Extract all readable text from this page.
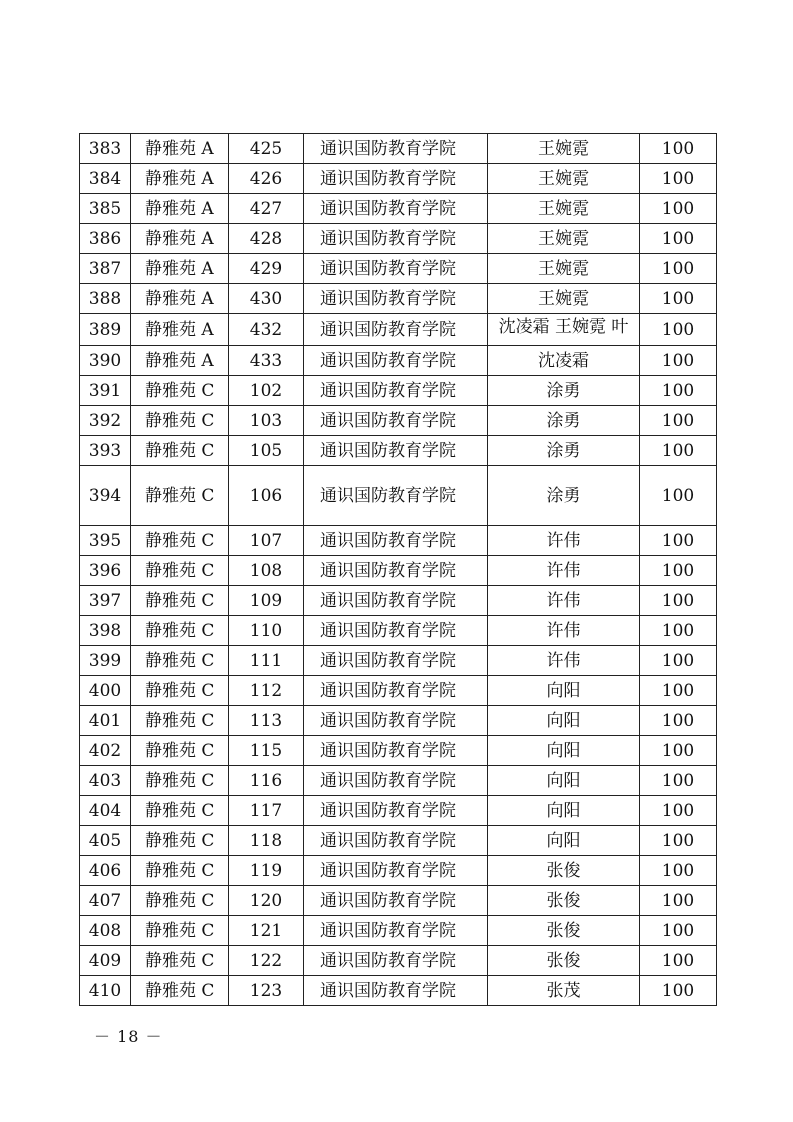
383	静雅苑 A	425	通识国防教育学院	王婉霓	100
384	静雅苑 A	426	通识国防教育学院	王婉霓	100
385	静雅苑 A	427	通识国防教育学院	王婉霓	100
386	静雅苑 A	428	通识国防教育学院	王婉霓	100
387	静雅苑 A	429	通识国防教育学院	王婉霓	100
388	静雅苑 A	430	通识国防教育学院	王婉霓	100
389	静雅苑 A	432	通识国防教育学院	沈凌霜 王婉霓 叶	100
390	静雅苑 A	433	通识国防教育学院	沈凌霜	100
391	静雅苑 C	102	通识国防教育学院	涂勇	100
392	静雅苑 C	103	通识国防教育学院	涂勇	100
393	静雅苑 C	105	通识国防教育学院	涂勇	100
394	静雅苑 C	106	通识国防教育学院	涂勇	100
395	静雅苑 C	107	通识国防教育学院	许伟	100
396	静雅苑 C	108	通识国防教育学院	许伟	100
397	静雅苑 C	109	通识国防教育学院	许伟	100
398	静雅苑 C	110	通识国防教育学院	许伟	100
399	静雅苑 C	111	通识国防教育学院	许伟	100
400	静雅苑 C	112	通识国防教育学院	向阳	100
401	静雅苑 C	113	通识国防教育学院	向阳	100
402	静雅苑 C	115	通识国防教育学院	向阳	100
403	静雅苑 C	116	通识国防教育学院	向阳	100
404	静雅苑 C	117	通识国防教育学院	向阳	100
405	静雅苑 C	118	通识国防教育学院	向阳	100
406	静雅苑 C	119	通识国防教育学院	张俊	100
407	静雅苑 C	120	通识国防教育学院	张俊	100
408	静雅苑 C	121	通识国防教育学院	张俊	100
409	静雅苑 C	122	通识国防教育学院	张俊	100
410	静雅苑 C	123	通识国防教育学院	张茂	100
－ 18 －
